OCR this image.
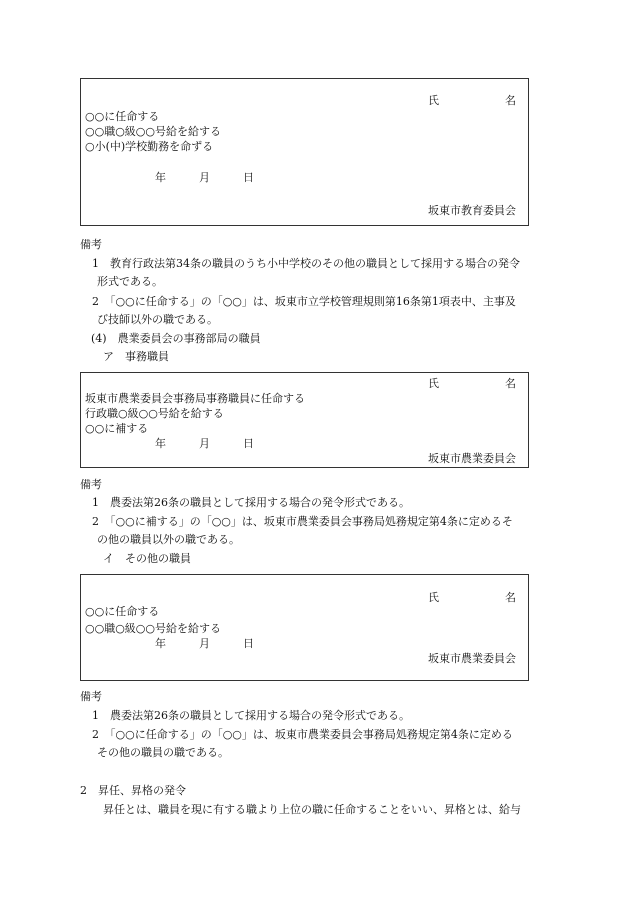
氏　　　　　　名
○○に任命する
○○職○級○○号給を給する
○小(中)学校勤務を命ずる
年　　　月　　　日
坂東市教育委員会
備考
1　教育行政法第34条の職員のうち小中学校のその他の職員として採用する場合の発令
形式である。
2　「○○に任命する」の「○○」は、坂東市立学校管理規則第16条第1項表中、主事及
び技師以外の職である。
(4)　農業委員会の事務部局の職員
ア　事務職員
氏　　　　　　名
坂東市農業委員会事務局事務職員に任命する
行政職○級○○号給を給する
○○に補する
年　　　月　　　日
坂東市農業委員会
備考
1　農委法第26条の職員として採用する場合の発令形式である。
2　「○○に補する」の「○○」は、坂東市農業委員会事務局処務規定第4条に定めるそ
の他の職員以外の職である。
イ　その他の職員
氏　　　　　　名
○○に任命する
○○職○級○○号給を給する
年　　　月　　　日
坂東市農業委員会
備考
1　農委法第26条の職員として採用する場合の発令形式である。
2　「○○に任命する」の「○○」は、坂東市農業委員会事務局処務規定第4条に定める
その他の職員の職である。
2　昇任、昇格の発令
昇任とは、職員を現に有する職より上位の職に任命することをいい、昇格とは、給与
